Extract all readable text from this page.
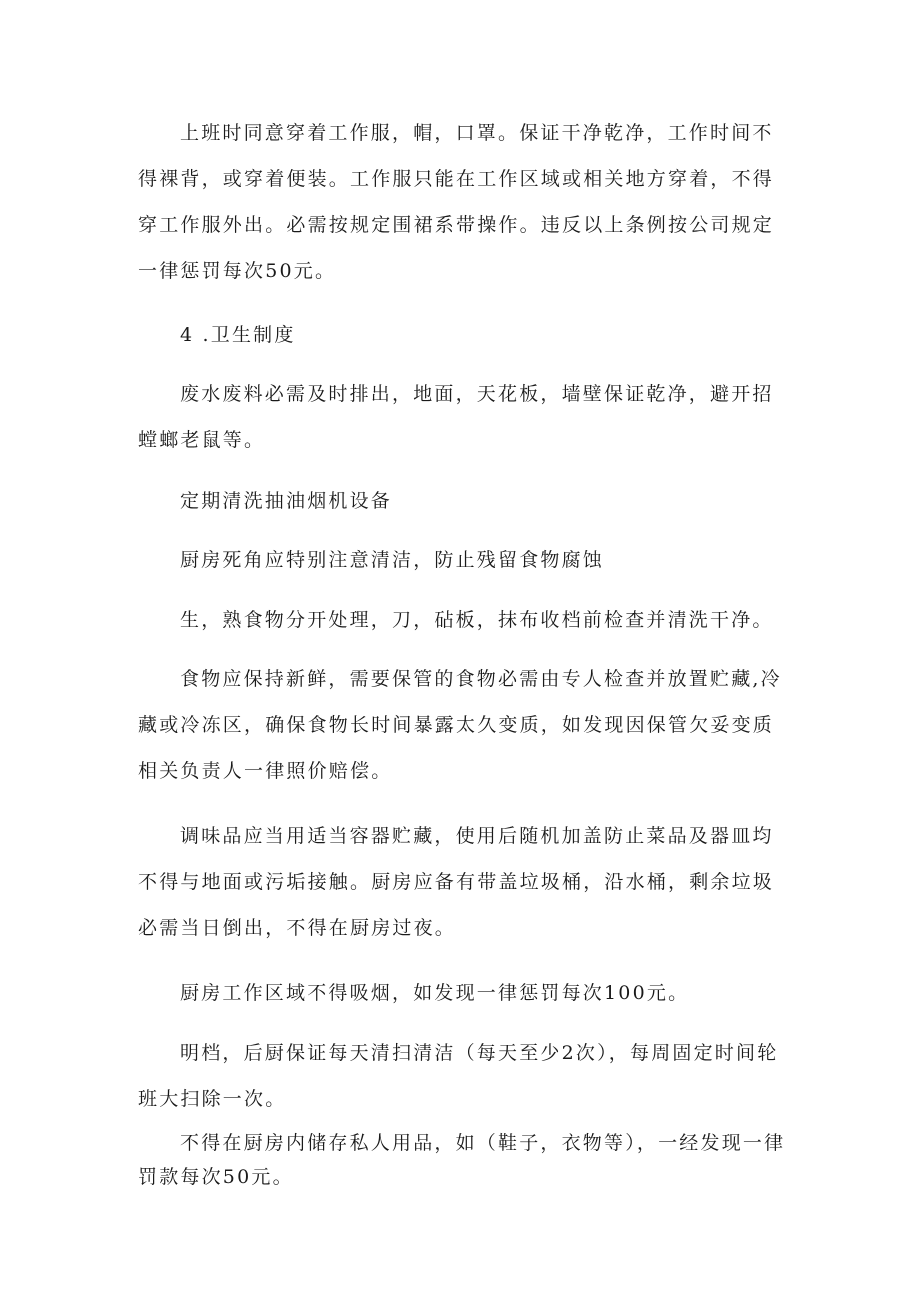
上班时同意穿着工作服，帽，口罩。保证干净乾净，工作时间不得裸背，或穿着便装。工作服只能在工作区域或相关地方穿着，不得穿工作服外出。必需按规定围裙系带操作。违反以上条例按公司规定一律惩罚每次50元。

4 .卫生制度

废水废料必需及时排出，地面，天花板，墙壁保证乾净，避开招螳螂老鼠等。

定期清洗抽油烟机设备

厨房死角应特别注意清洁，防止残留食物腐蚀

生，熟食物分开处理，刀，砧板，抹布收档前检查并清洗干净。

食物应保持新鲜，需要保管的食物必需由专人检查并放置贮藏,冷藏或冷冻区，确保食物长时间暴露太久变质，如发现因保管欠妥变质相关负责人一律照价赔偿。

调味品应当用适当容器贮藏，使用后随机加盖防止菜品及器皿均不得与地面或污垢接触。厨房应备有带盖垃圾桶，沿水桶，剩余垃圾必需当日倒出，不得在厨房过夜。

厨房工作区域不得吸烟，如发现一律惩罚每次100元。

明档，后厨保证每天清扫清洁（每天至少2次），每周固定时间轮班大扫除一次。

不得在厨房内储存私人用品，如（鞋子，衣物等），一经发现一律罚款每次50元。
